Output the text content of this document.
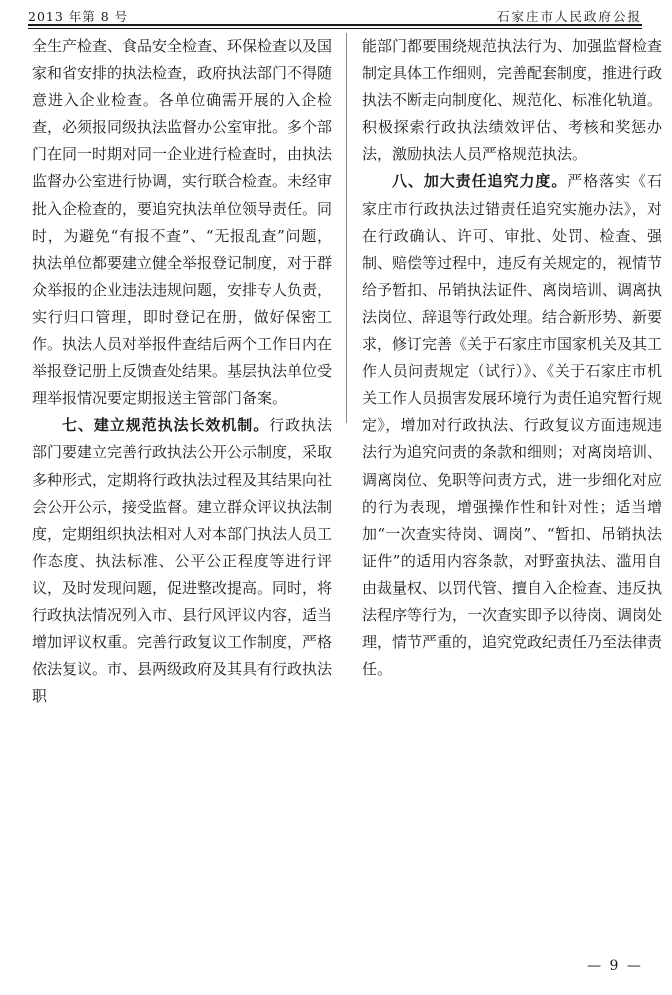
2013 年第 8 号	石家庄市人民政府公报

全生产检查、食品安全检查、环保检查以及国家和省安排的执法检查，政府执法部门不得随意进入企业检查。各单位确需开展的入企检查，必须报同级执法监督办公室审批。多个部门在同一时期对同一企业进行检查时，由执法监督办公室进行协调，实行联合检查。未经审批入企检查的，要追究执法单位领导责任。同时，为避免“有报不查”、“无报乱查”问题，执法单位都要建立健全举报登记制度，对于群众举报的企业违法违规问题，安排专人负责，实行归口管理，即时登记在册，做好保密工作。执法人员对举报件查结后两个工作日内在举报登记册上反馈查处结果。基层执法单位受理举报情况要定期报送主管部门备案。

七、建立规范执法长效机制。行政执法部门要建立完善行政执法公开公示制度，采取多种形式，定期将行政执法过程及其结果向社会公开公示，接受监督。建立群众评议执法制度，定期组织执法相对人对本部门执法人员工作态度、执法标准、公平公正程度等进行评议，及时发现问题，促进整改提高。同时，将行政执法情况列入市、县行风评议内容，适当增加评议权重。完善行政复议工作制度，严格依法复议。市、县两级政府及其具有行政执法职

能部门都要围绕规范执法行为、加强监督检查制定具体工作细则，完善配套制度，推进行政执法不断走向制度化、规范化、标准化轨道。积极探索行政执法绩效评估、考核和奖惩办法，激励执法人员严格规范执法。

八、加大责任追究力度。严格落实《石家庄市行政执法过错责任追究实施办法》，对在行政确认、许可、审批、处罚、检查、强制、赔偿等过程中，违反有关规定的，视情节给予暂扣、吊销执法证件、离岗培训、调离执法岗位、辞退等行政处理。结合新形势、新要求，修订完善《关于石家庄市国家机关及其工作人员问责规定（试行）》、《关于石家庄市机关工作人员损害发展环境行为责任追究暂行规定》，增加对行政执法、行政复议方面违规违法行为追究问责的条款和细则；对离岗培训、调离岗位、免职等问责方式，进一步细化对应的行为表现，增强操作性和针对性；适当增加“一次查实待岗、调岗”、“暂扣、吊销执法证件”的适用内容条款，对野蛮执法、滥用自由裁量权、以罚代管、擅自入企检查、违反执法程序等行为，一次查实即予以待岗、调岗处理，情节严重的，追究党政纪责任乃至法律责任。

— 9 —
